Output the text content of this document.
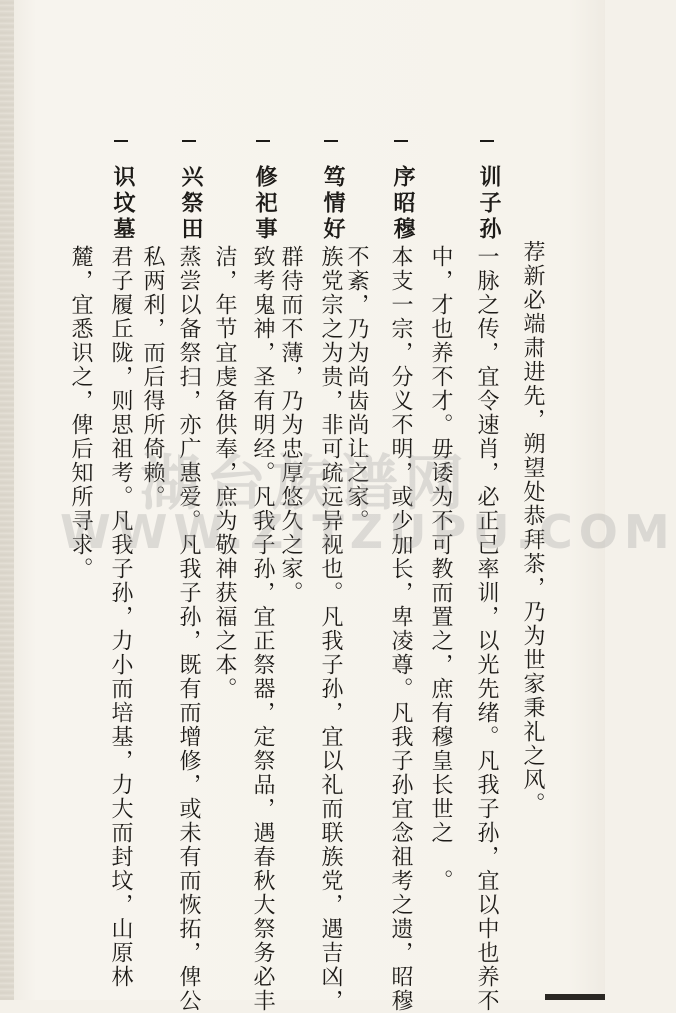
荐新必端肃进先，朔望处恭拜茶，乃为世家秉礼之风。
训子孙
一脉之传，宜令速肖，必正己率训，以光先绪。凡我子孙，宜以中也养不
中，才也养不才。毋诿为不可教而置之，庶有穆皇长世之　。
序昭穆
本支一宗，分义不明，或少加长，卑凌尊。凡我子孙宜念祖考之遗，昭穆
不紊，乃为尚齿尚让之家。
笃情好
族党宗之为贵，非可疏远异视也。凡我子孙，宜以礼而联族党，遇吉凶，
群待而不薄，乃为忠厚悠久之家。
修祀事
致考鬼神，圣有明经。凡我子孙，宜正祭器，定祭品，遇春秋大祭务必丰
洁，年节宜虔备供奉，庶为敬神获福之本。
兴祭田
蒸尝以备祭扫，亦广惠爱。凡我子孙，既有而增修，或未有而恢拓，俾公
私两利，而后得所倚赖。
识坟墓
君子履丘陇，则思祖考。凡我子孙，力小而培基，力大而封坟，山原林
麓，宜悉识之，俾后知所寻求。 湖台族谱网
WWW.ZITZUPU.COM
